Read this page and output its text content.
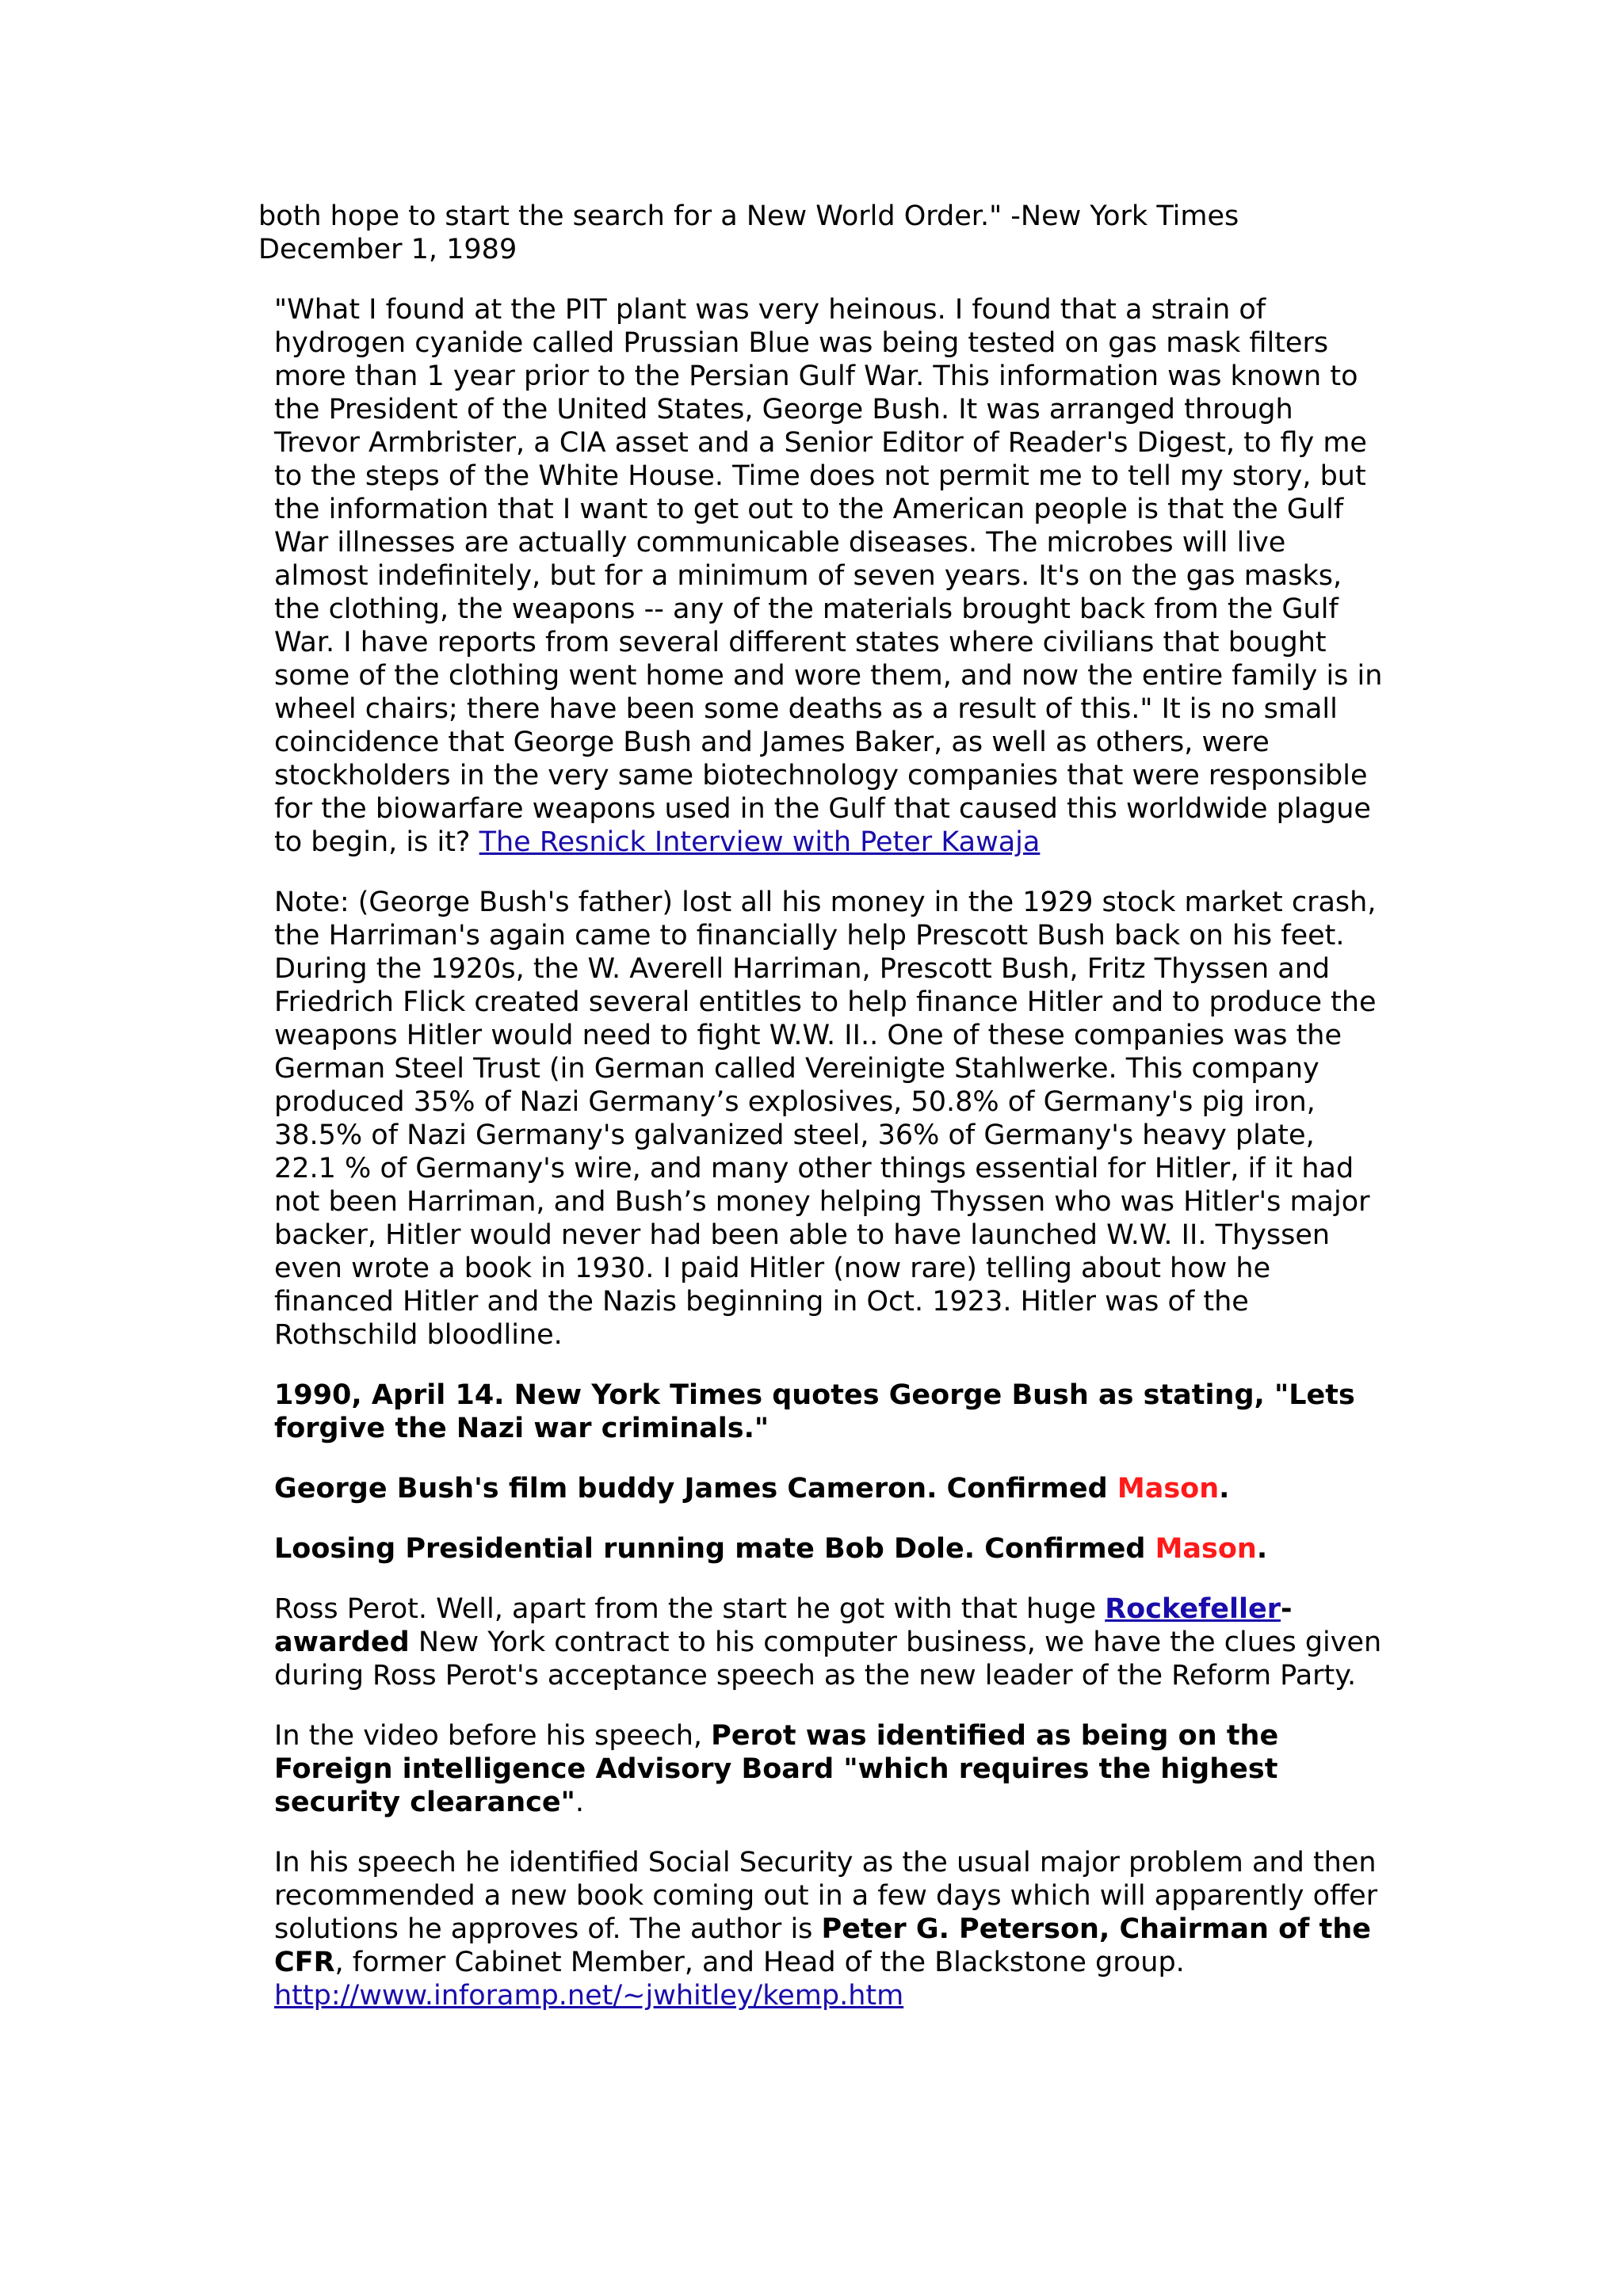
both hope to start the search for a New World Order." -New York Times December 1, 1989

"What I found at the PIT plant was very heinous. I found that a strain of hydrogen cyanide called Prussian Blue was being tested on gas mask filters more than 1 year prior to the Persian Gulf War. This information was known to the President of the United States, George Bush. It was arranged through Trevor Armbrister, a CIA asset and a Senior Editor of Reader's Digest, to fly me to the steps of the White House. Time does not permit me to tell my story, but the information that I want to get out to the American people is that the Gulf War illnesses are actually communicable diseases. The microbes will live almost indefinitely, but for a minimum of seven years. It's on the gas masks, the clothing, the weapons -- any of the materials brought back from the Gulf War. I have reports from several different states where civilians that bought some of the clothing went home and wore them, and now the entire family is in wheel chairs; there have been some deaths as a result of this." It is no small coincidence that George Bush and James Baker, as well as others, were stockholders in the very same biotechnology companies that were responsible for the biowarfare weapons used in the Gulf that caused this worldwide plague to begin, is it? The Resnick Interview with Peter Kawaja

Note: (George Bush's father) lost all his money in the 1929 stock market crash, the Harriman's again came to financially help Prescott Bush back on his feet. During the 1920s, the W. Averell Harriman, Prescott Bush, Fritz Thyssen and Friedrich Flick created several entitles to help finance Hitler and to produce the weapons Hitler would need to fight W.W. II.. One of these companies was the German Steel Trust (in German called Vereinigte Stahlwerke. This company produced 35% of Nazi Germany’s explosives, 50.8% of Germany's pig iron, 38.5% of Nazi Germany's galvanized steel, 36% of Germany's heavy plate, 22.1 % of Germany's wire, and many other things essential for Hitler, if it had not been Harriman, and Bush’s money helping Thyssen who was Hitler's major backer, Hitler would never had been able to have launched W.W. II. Thyssen even wrote a book in 1930. I paid Hitler (now rare) telling about how he financed Hitler and the Nazis beginning in Oct. 1923. Hitler was of the Rothschild bloodline.

1990, April 14. New York Times quotes George Bush as stating, "Lets forgive the Nazi war criminals."

George Bush's film buddy James Cameron. Confirmed Mason.

Loosing Presidential running mate Bob Dole. Confirmed Mason.

Ross Perot. Well, apart from the start he got with that huge Rockefeller-awarded New York contract to his computer business, we have the clues given during Ross Perot's acceptance speech as the new leader of the Reform Party.

In the video before his speech, Perot was identified as being on the Foreign intelligence Advisory Board "which requires the highest security clearance".

In his speech he identified Social Security as the usual major problem and then recommended a new book coming out in a few days which will apparently offer solutions he approves of. The author is Peter G. Peterson, Chairman of the CFR, former Cabinet Member, and Head of the Blackstone group.
http://www.inforamp.net/~jwhitley/kemp.htm
